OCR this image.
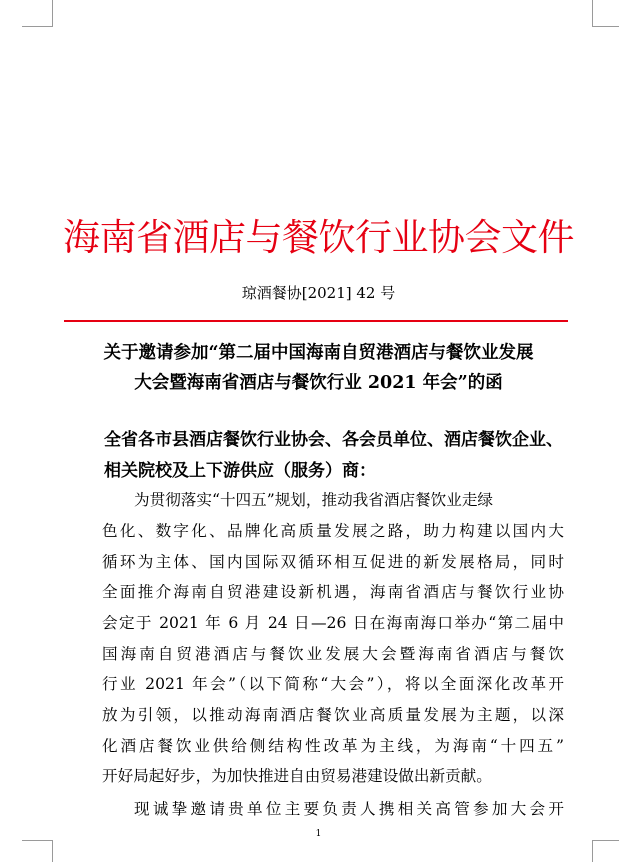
海南省酒店与餐饮行业协会文件
琼酒餐协[2021] 42 号
关于邀请参加“第二届中国海南自贸港酒店与餐饮业发展
大会暨海南省酒店与餐饮行业 2021 年会”的函
全省各市县酒店餐饮行业协会、各会员单位、酒店餐饮企业、
相关院校及上下游供应（服务）商：
为贯彻落实“十四五”规划，推动我省酒店餐饮业走绿
色化、数字化、品牌化高质量发展之路，助力构建以国内大
循环为主体、国内国际双循环相互促进的新发展格局，同时
全面推介海南自贸港建设新机遇，海南省酒店与餐饮行业协
会定于 2021 年 6 月 24 日—26 日在海南海口举办“第二届中
国海南自贸港酒店与餐饮业发展大会暨海南省酒店与餐饮
行业 2021 年会”（以下简称“大会”），将以全面深化改革开
放为引领，以推动海南酒店餐饮业高质量发展为主题，以深
化酒店餐饮业供给侧结构性改革为主线，为海南“十四五”
开好局起好步，为加快推进自由贸易港建设做出新贡献。
现诚挚邀请贵单位主要负责人携相关高管参加大会开
1
